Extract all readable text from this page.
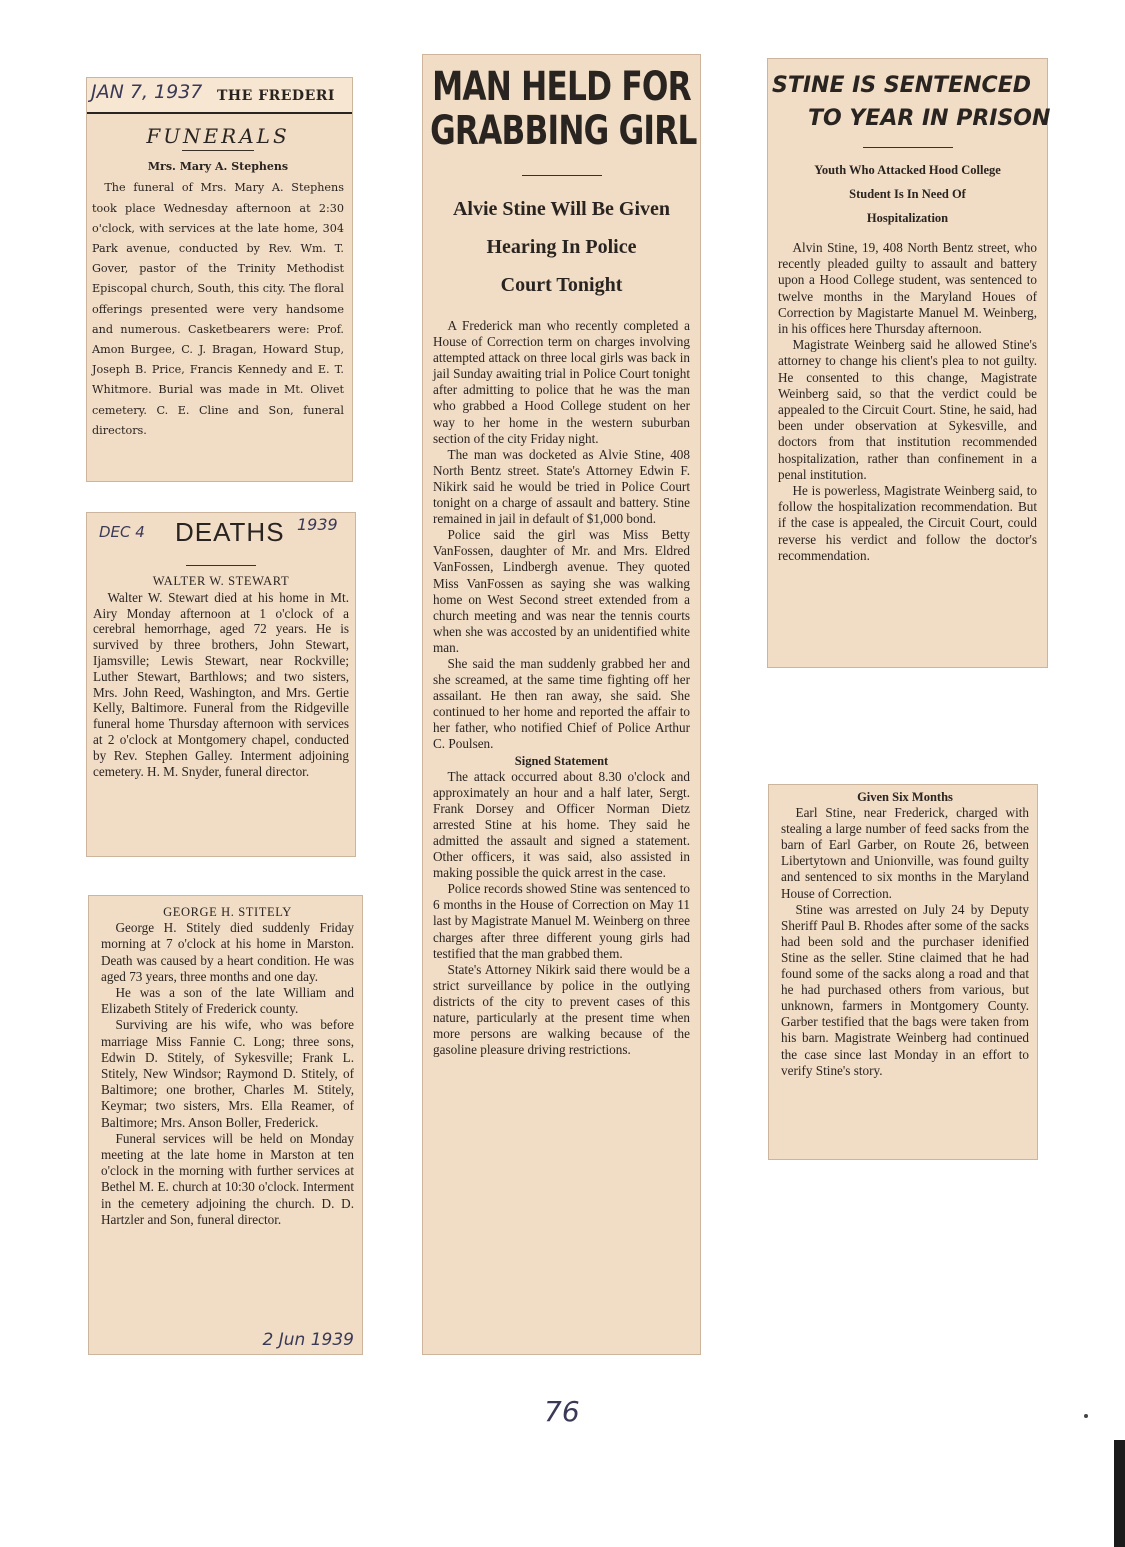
JAN 7, 1937 THE FREDERI
FUNERALS
Mrs. Mary A. Stephens

The funeral of Mrs. Mary A. Stephens took place Wednesday afternoon at 2:30 o'clock, with services at the late home, 304 Park avenue, conducted by Rev. Wm. T. Gover, pastor of the Trinity Methodist Episcopal church, South, this city. The floral offerings presented were very handsome and numerous. Casketbearers were: Prof. Amon Burgee, C. J. Bragan, Howard Stup, Joseph B. Price, Francis Kennedy and E. T. Whitmore. Burial was made in Mt. Olivet cemetery. C. E. Cline and Son, funeral directors.

DEC 4 DEATHS 1939
WALTER W. STEWART

Walter W. Stewart died at his home in Mt. Airy Monday afternoon at 1 o'clock of a cerebral hemorrhage, aged 72 years. He is survived by three brothers, John Stewart, Ijamsville; Lewis Stewart, near Rockville; Luther Stewart, Barthlows; and two sisters, Mrs. John Reed, Washington, and Mrs. Gertie Kelly, Baltimore. Funeral from the Ridgeville funeral home Thursday afternoon with services at 2 o'clock at Montgomery chapel, conducted by Rev. Stephen Galley. Interment adjoining cemetery. H. M. Snyder, funeral director.

GEORGE H. STITELY

George H. Stitely died suddenly Friday morning at 7 o'clock at his home in Marston. Death was caused by a heart condition. He was aged 73 years, three months and one day.

He was a son of the late William and Elizabeth Stitely of Frederick county.

Surviving are his wife, who was before marriage Miss Fannie C. Long; three sons, Edwin D. Stitely, of Sykesville; Frank L. Stitely, New Windsor; Raymond D. Stitely, of Baltimore; one brother, Charles M. Stitely, Keymar; two sisters, Mrs. Ella Reamer, of Baltimore; Mrs. Anson Boller, Frederick.

Funeral services will be held on Monday meeting at the late home in Marston at ten o'clock in the morning with further services at Bethel M. E. church at 10:30 o'clock. Interment in the cemetery adjoining the church. D. D. Hartzler and Son, funeral director.

2 Jun 1939
MAN HELD FOR
GRABBING GIRL
Alvie Stine Will Be Given
Hearing In Police
Court Tonight

A Frederick man who recently completed a House of Correction term on charges involving attempted attack on three local girls was back in jail Sunday awaiting trial in Police Court tonight after admitting to police that he was the man who grabbed a Hood College student on her way to her home in the western suburban section of the city Friday night.

The man was docketed as Alvie Stine, 408 North Bentz street. State's Attorney Edwin F. Nikirk said he would be tried in Police Court tonight on a charge of assault and battery. Stine remained in jail in default of $1,000 bond.

Police said the girl was Miss Betty VanFossen, daughter of Mr. and Mrs. Eldred VanFossen, Lindbergh avenue. They quoted Miss VanFossen as saying she was walking home on West Second street extended from a church meeting and was near the tennis courts when she was accosted by an unidentified white man.

She said the man suddenly grabbed her and she screamed, at the same time fighting off her assailant. He then ran away, she said. She continued to her home and reported the affair to her father, who notified Chief of Police Arthur C. Poulsen.

Signed Statement

The attack occurred about 8.30 o'clock and approximately an hour and a half later, Sergt. Frank Dorsey and Officer Norman Dietz arrested Stine at his home. They said he admitted the assault and signed a statement. Other officers, it was said, also assisted in making possible the quick arrest in the case.

Police records showed Stine was sentenced to 6 months in the House of Correction on May 11 last by Magistrate Manuel M. Weinberg on three charges after three different young girls had testified that the man grabbed them.

State's Attorney Nikirk said there would be a strict surveillance by police in the outlying districts of the city to prevent cases of this nature, particularly at the present time when more persons are walking because of the gasoline pleasure driving restrictions.

STINE IS SENTENCED
TO YEAR IN PRISON
Youth Who Attacked Hood College
Student Is In Need Of
Hospitalization

Alvin Stine, 19, 408 North Bentz street, who recently pleaded guilty to assault and battery upon a Hood College student, was sentenced to twelve months in the Maryland Houes of Correction by Magistarte Manuel M. Weinberg, in his offices here Thursday afternoon.

Magistrate Weinberg said he allowed Stine's attorney to change his client's plea to not guilty. He consented to this change, Magistrate Weinberg said, so that the verdict could be appealed to the Circuit Court. Stine, he said, had been under observation at Sykesville, and doctors from that institution recommended hospitalization, rather than confinement in a penal institution.

He is powerless, Magistrate Weinberg said, to follow the hospitalization recommendation. But if the case is appealed, the Circuit Court, could reverse his verdict and follow the doctor's recommendation.

Given Six Months

Earl Stine, near Frederick, charged with stealing a large number of feed sacks from the barn of Earl Garber, on Route 26, between Libertytown and Unionville, was found guilty and sentenced to six months in the Maryland House of Correction.

Stine was arrested on July 24 by Deputy Sheriff Paul B. Rhodes after some of the sacks had been sold and the purchaser idenified Stine as the seller. Stine claimed that he had found some of the sacks along a road and that he had purchased others from various, but unknown, farmers in Montgomery County. Garber testified that the bags were taken from his barn. Magistrate Weinberg had continued the case since last Monday in an effort to verify Stine's story.

76
